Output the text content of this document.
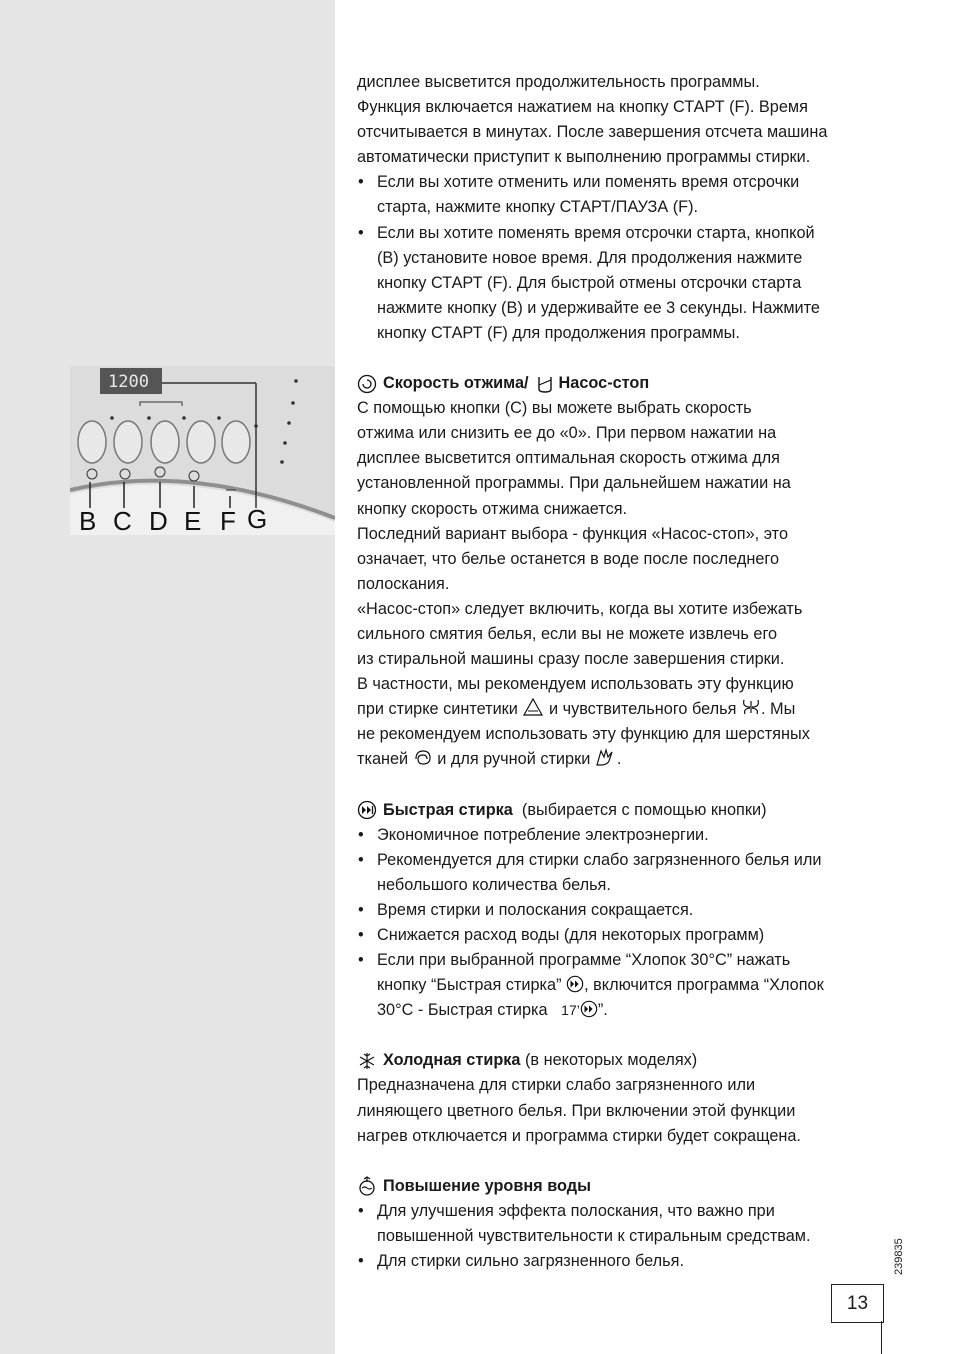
1200
B C D E F G

дисплее высветится продолжительность программы.

Функция включается нажатием на кнопку СТАРТ (F). Время

отсчитывается в минутах. После завершения отсчета машина

автоматически приступит к выполнению программы стирки.

• Если вы хотите отменить или поменять время отсрочки

старта, нажмите кнопку СТАРТ/ПАУЗА (F).

• Если вы хотите поменять время отсрочки старта, кнопкой

(B) установите новое время. Для продолжения нажмите

кнопку СТАРТ (F). Для быстрой отмены отсрочки старта

нажмите кнопку (B) и удерживайте ее 3 секунды. Нажмите

кнопку СТАРТ (F) для продолжения программы.

Скорость отжима/ Насос-стоп

С помощью кнопки (С) вы можете выбрать скорость

отжима или снизить ее до «0». При первом нажатии на

дисплее высветится оптимальная скорость отжима для

установленной программы. При дальнейшем нажатии на

кнопку скорость отжима снижается.

Последний вариант выбора - функция «Насос-стоп», это

означает, что белье останется в воде после последнего

полоскания.

«Насос-стоп» следует включить, когда вы хотите избежать

сильного смятия белья, если вы не можете извлечь его

из стиральной машины сразу после завершения стирки.

В частности, мы рекомендуем использовать эту функцию

при стирке синтетики и чувствительного белья . Мы

не рекомендуем использовать эту функцию для шерстяных

тканей и для ручной стирки .

Быстрая стирка
(выбирается с помощью кнопки)

• Экономичное потребление электроэнергии.

• Рекомендуется для стирки слабо загрязненного белья или

небольшого количества белья.

• Время стирки и полоскания сокращается.

• Снижается расход воды (для некоторых программ)

• Если при выбранной программе “Хлопок 30°C” нажать

кнопку “Быстрая стирка” , включится программа “Хлопок

30°C - Быстрая стирка 17’ ”.

Холодная стирка
(в некоторых моделях)

Предназначена для стирки слабо загрязненного или

линяющего цветного белья. При включении этой функции

нагрев отключается и программа стирки будет сокращена.

Повышение уровня воды

• Для улучшения эффекта полоскания, что важно при

повышенной чувствительности к стиральным средствам.

• Для стирки сильно загрязненного белья.	239835
13
